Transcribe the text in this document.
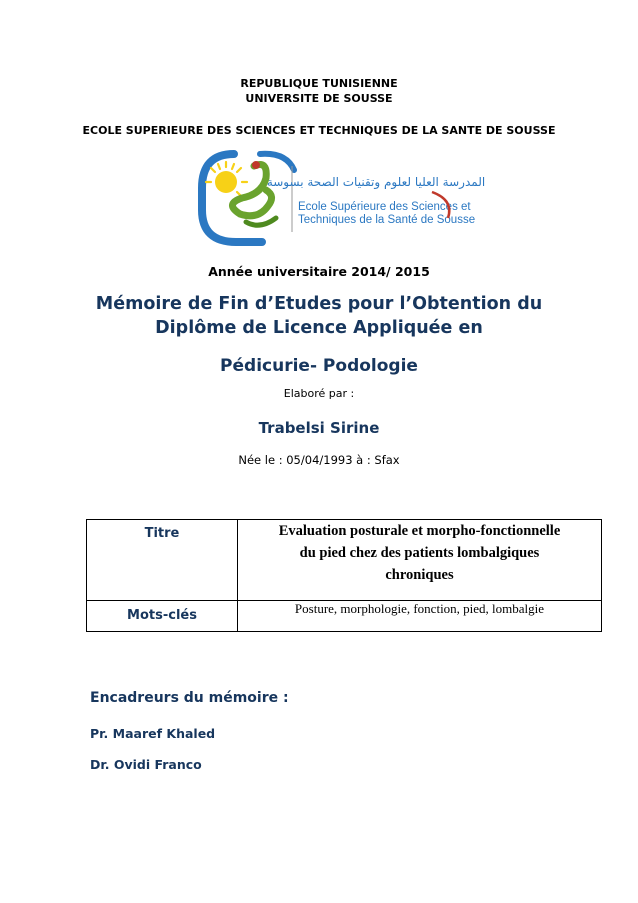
REPUBLIQUE TUNISIENNE
UNIVERSITE DE SOUSSE
ECOLE SUPERIEURE DES SCIENCES ET TECHNIQUES DE LA SANTE DE SOUSSE
المدرسة العليا لعلوم وتقنيات الصحة بسوسة
Ecole Supérieure des Sciences et
Techniques de la Santé de Sousse
Année universitaire 2014/ 2015
Mémoire de Fin d’Etudes pour l’Obtention du
Diplôme de Licence Appliquée en
Pédicurie- Podologie
Elaboré par :
Trabelsi Sirine
Née le : 05/04/1993 à : Sfax
Titre	Evaluation posturale et morpho-fonctionnelle
du pied chez des patients lombalgiques
chroniques

Mots-clés	Posture, morphologie, fonction, pied, lombalgie
Encadreurs du mémoire :
Pr. Maaref Khaled
Dr. Ovidi Franco
